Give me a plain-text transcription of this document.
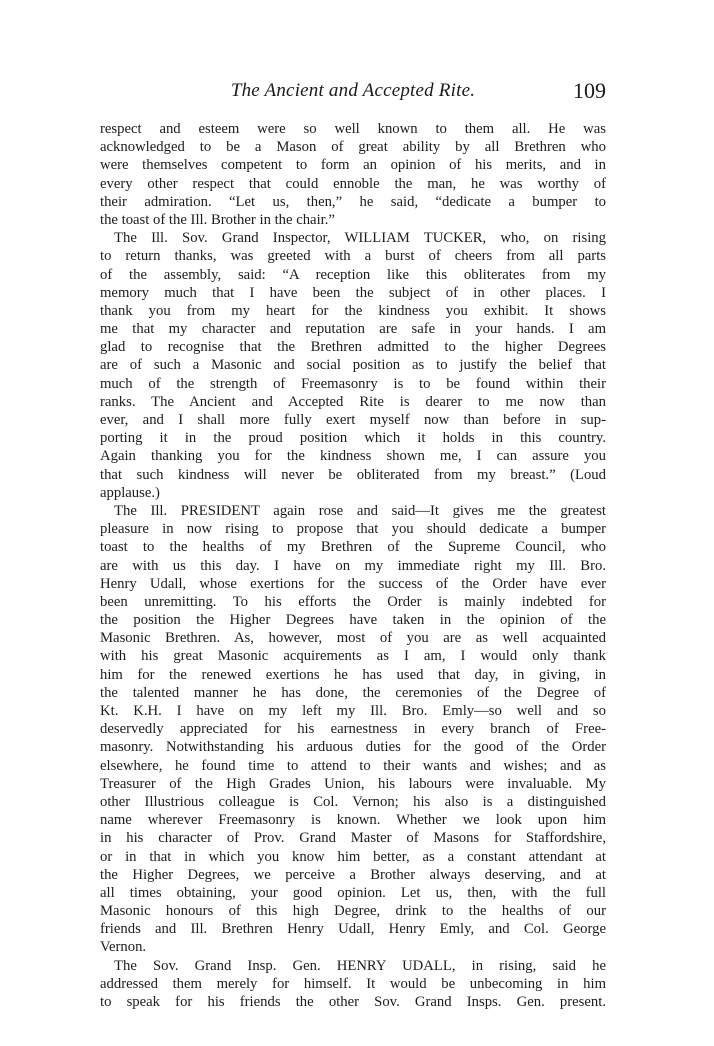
The Ancient and Accepted Rite.	109
respect and esteem were so well known to them all. He was
acknowledged to be a Mason of great ability by all Brethren who
were themselves competent to form an opinion of his merits, and in
every other respect that could ennoble the man, he was worthy of
their admiration. “Let us, then,” he said, “dedicate a bumper to
the toast of the Ill. Brother in the chair.”
The Ill. Sov. Grand Inspector, WILLIAM TUCKER, who, on rising
to return thanks, was greeted with a burst of cheers from all parts
of the assembly, said: “A reception like this obliterates from my
memory much that I have been the subject of in other places. I
thank you from my heart for the kindness you exhibit. It shows
me that my character and reputation are safe in your hands. I am
glad to recognise that the Brethren admitted to the higher Degrees
are of such a Masonic and social position as to justify the belief that
much of the strength of Freemasonry is to be found within their
ranks. The Ancient and Accepted Rite is dearer to me now than
ever, and I shall more fully exert myself now than before in sup-
porting it in the proud position which it holds in this country.
Again thanking you for the kindness shown me, I can assure you
that such kindness will never be obliterated from my breast.” (Loud
applause.)
The Ill. PRESIDENT again rose and said—It gives me the greatest
pleasure in now rising to propose that you should dedicate a bumper
toast to the healths of my Brethren of the Supreme Council, who
are with us this day. I have on my immediate right my Ill. Bro.
Henry Udall, whose exertions for the success of the Order have ever
been unremitting. To his efforts the Order is mainly indebted for
the position the Higher Degrees have taken in the opinion of the
Masonic Brethren. As, however, most of you are as well acquainted
with his great Masonic acquirements as I am, I would only thank
him for the renewed exertions he has used that day, in giving, in
the talented manner he has done, the ceremonies of the Degree of
Kt. K.H. I have on my left my Ill. Bro. Emly—so well and so
deservedly appreciated for his earnestness in every branch of Free-
masonry. Notwithstanding his arduous duties for the good of the Order
elsewhere, he found time to attend to their wants and wishes; and as
Treasurer of the High Grades Union, his labours were invaluable. My
other Illustrious colleague is Col. Vernon; his also is a distinguished
name wherever Freemasonry is known. Whether we look upon him
in his character of Prov. Grand Master of Masons for Staffordshire,
or in that in which you know him better, as a constant attendant at
the Higher Degrees, we perceive a Brother always deserving, and at
all times obtaining, your good opinion. Let us, then, with the full
Masonic honours of this high Degree, drink to the healths of our
friends and Ill. Brethren Henry Udall, Henry Emly, and Col. George
Vernon.
The Sov. Grand Insp. Gen. HENRY UDALL, in rising, said he
addressed them merely for himself. It would be unbecoming in him
to speak for his friends the other Sov. Grand Insps. Gen. present.
